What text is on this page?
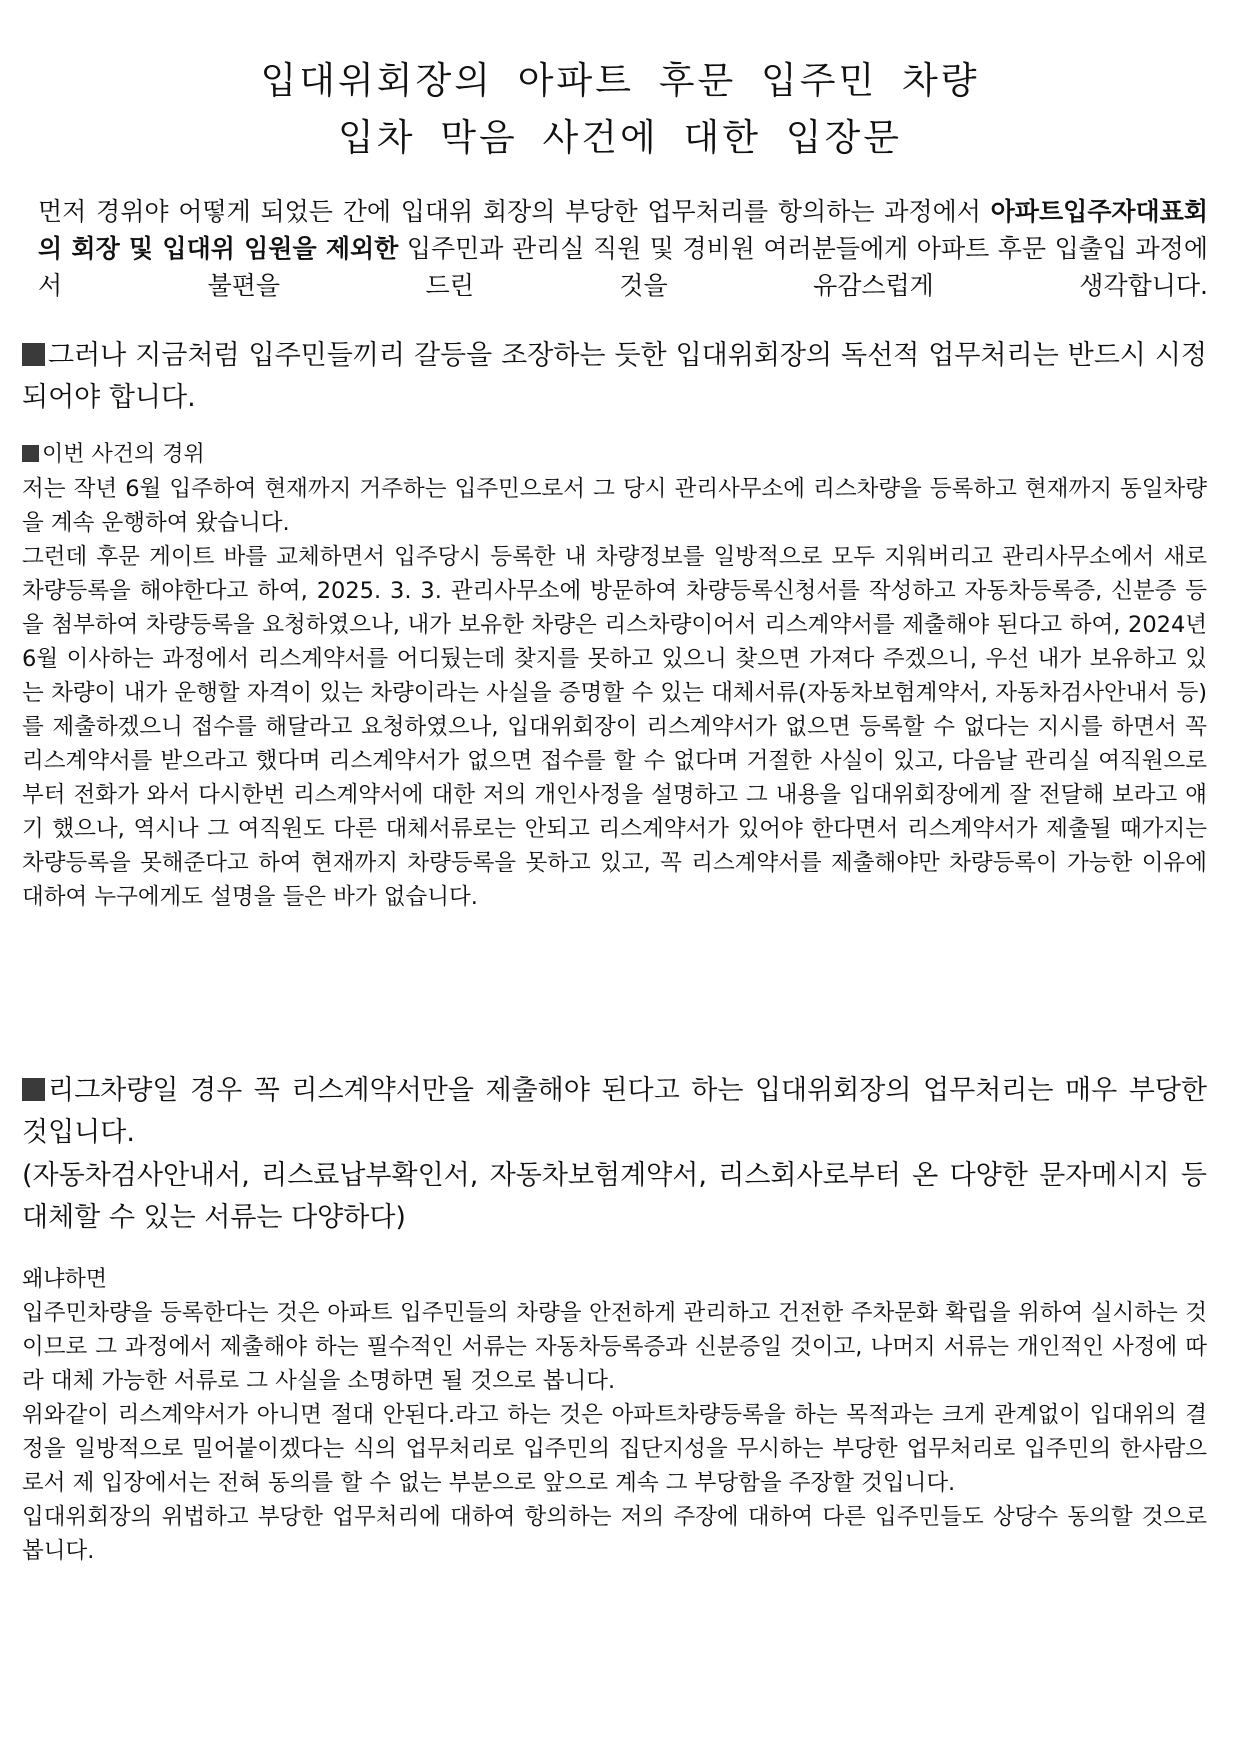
입대위회장의 아파트 후문 입주민 차량
입차 막음 사건에 대한 입장문

먼저 경위야 어떻게 되었든 간에 입대위 회장의 부당한 업무처리를 항의하는 과정에서 아파트입주자대표회의 회장 및 입대위 임원을 제외한 입주민과 관리실 직원 및 경비원 여러분들에게 아파트 후문 입출입 과정에서 불편을 드린 것을 유감스럽게 생각합니다.

그러나 지금처럼 입주민들끼리 갈등을 조장하는 듯한 입대위회장의 독선적 업무처리는 반드시 시정되어야 합니다.
이번 사건의 경위

저는 작년 6월 입주하여 현재까지 거주하는 입주민으로서 그 당시 관리사무소에 리스차량을 등록하고 현재까지 동일차량을 계속 운행하여 왔습니다.

그런데 후문 게이트 바를 교체하면서 입주당시 등록한 내 차량정보를 일방적으로 모두 지워버리고 관리사무소에서 새로 차량등록을 해야한다고 하여, 2025. 3. 3. 관리사무소에 방문하여 차량등록신청서를 작성하고 자동차등록증, 신분증 등을 첨부하여 차량등록을 요청하였으나, 내가 보유한 차량은 리스차량이어서 리스계약서를 제출해야 된다고 하여, 2024년 6월 이사하는 과정에서 리스계약서를 어디뒀는데 찾지를 못하고 있으니 찾으면 가져다 주겠으니, 우선 내가 보유하고 있는 차량이 내가 운행할 자격이 있는 차량이라는 사실을 증명할 수 있는 대체서류(자동차보험계약서, 자동차검사안내서 등)를 제출하겠으니 접수를 해달라고 요청하였으나, 입대위회장이 리스계약서가 없으면 등록할 수 없다는 지시를 하면서 꼭 리스계약서를 받으라고 했다며 리스계약서가 없으면 접수를 할 수 없다며 거절한 사실이 있고, 다음날 관리실 여직원으로부터 전화가 와서 다시한번 리스계약서에 대한 저의 개인사정을 설명하고 그 내용을 입대위회장에게 잘 전달해 보라고 얘기 했으나, 역시나 그 여직원도 다른 대체서류로는 안되고 리스계약서가 있어야 한다면서 리스계약서가 제출될 때가지는 차량등록을 못해준다고 하여 현재까지 차량등록을 못하고 있고, 꼭 리스계약서를 제출해야만 차량등록이 가능한 이유에 대하여 누구에게도 설명을 들은 바가 없습니다.

리그차량일 경우 꼭 리스계약서만을 제출해야 된다고 하는 입대위회장의 업무처리는 매우 부당한 것입니다.
(자동차검사안내서, 리스료납부확인서, 자동차보험계약서, 리스회사로부터 온 다양한 문자메시지 등 대체할 수 있는 서류는 다양하다)
왜냐하면

입주민차량을 등록한다는 것은 아파트 입주민들의 차량을 안전하게 관리하고 건전한 주차문화 확립을 위하여 실시하는 것이므로 그 과정에서 제출해야 하는 필수적인 서류는 자동차등록증과 신분증일 것이고, 나머지 서류는 개인적인 사정에 따라 대체 가능한 서류로 그 사실을 소명하면 될 것으로 봅니다.

위와같이 리스계약서가 아니면 절대 안된다.라고 하는 것은 아파트차량등록을 하는 목적과는 크게 관계없이 입대위의 결정을 일방적으로 밀어붙이겠다는 식의 업무처리로 입주민의 집단지성을 무시하는 부당한 업무처리로 입주민의 한사람으로서 제 입장에서는 전혀 동의를 할 수 없는 부분으로 앞으로 계속 그 부당함을 주장할 것입니다.

입대위회장의 위법하고 부당한 업무처리에 대하여 항의하는 저의 주장에 대하여 다른 입주민들도 상당수 동의할 것으로 봅니다.
